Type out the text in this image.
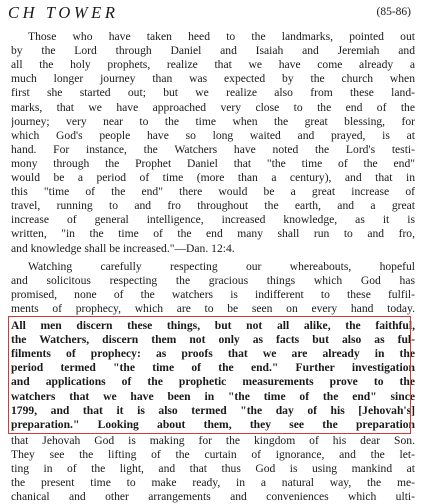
CH TOWER	(85-86)
Those who have taken heed to the landmarks, pointed out
by the Lord through Daniel and Isaiah and Jeremiah and
all the holy prophets, realize that we have come already a
much longer journey than was expected by the church when
first she started out; but we realize also from these land-
marks, that we have approached very close to the end of the
journey; very near to the time when the great blessing, for
which God's people have so long waited and prayed, is at
hand. For instance, the Watchers have noted the Lord's testi-
mony through the Prophet Daniel that "the time of the end"
would be a period of time (more than a century), and that in
this "time of the end" there would be a great increase of
travel, running to and fro throughout the earth, and a great
increase of general intelligence, increased knowledge, as it is
written, "in the time of the end many shall run to and fro,
and knowledge shall be increased."—Dan. 12:4.
Watching carefully respecting our whereabouts, hopeful
and solicitous respecting the gracious things which God has
promised, none of the watchers is indifferent to these fulfil-
ments of prophecy, which are to be seen on every hand today.
All men discern these things, but not all alike, the faithful,
the Watchers, discern them not only as facts but also as ful-
filments of prophecy: as proofs that we are already in the
period termed "the time of the end." Further investigation
and applications of the prophetic measurements prove to the
watchers that we have been in "the time of the end" since
1799, and that it is also termed "the day of his [Jehovah's]
preparation." Looking about them, they see the preparation
that Jehovah God is making for the kingdom of his dear Son.
They see the lifting of the curtain of ignorance, and the let-
ting in of the light, and that thus God is using mankind at
the present time to make ready, in a natural way, the me-
chanical and other arrangements and conveniences which ulti-
